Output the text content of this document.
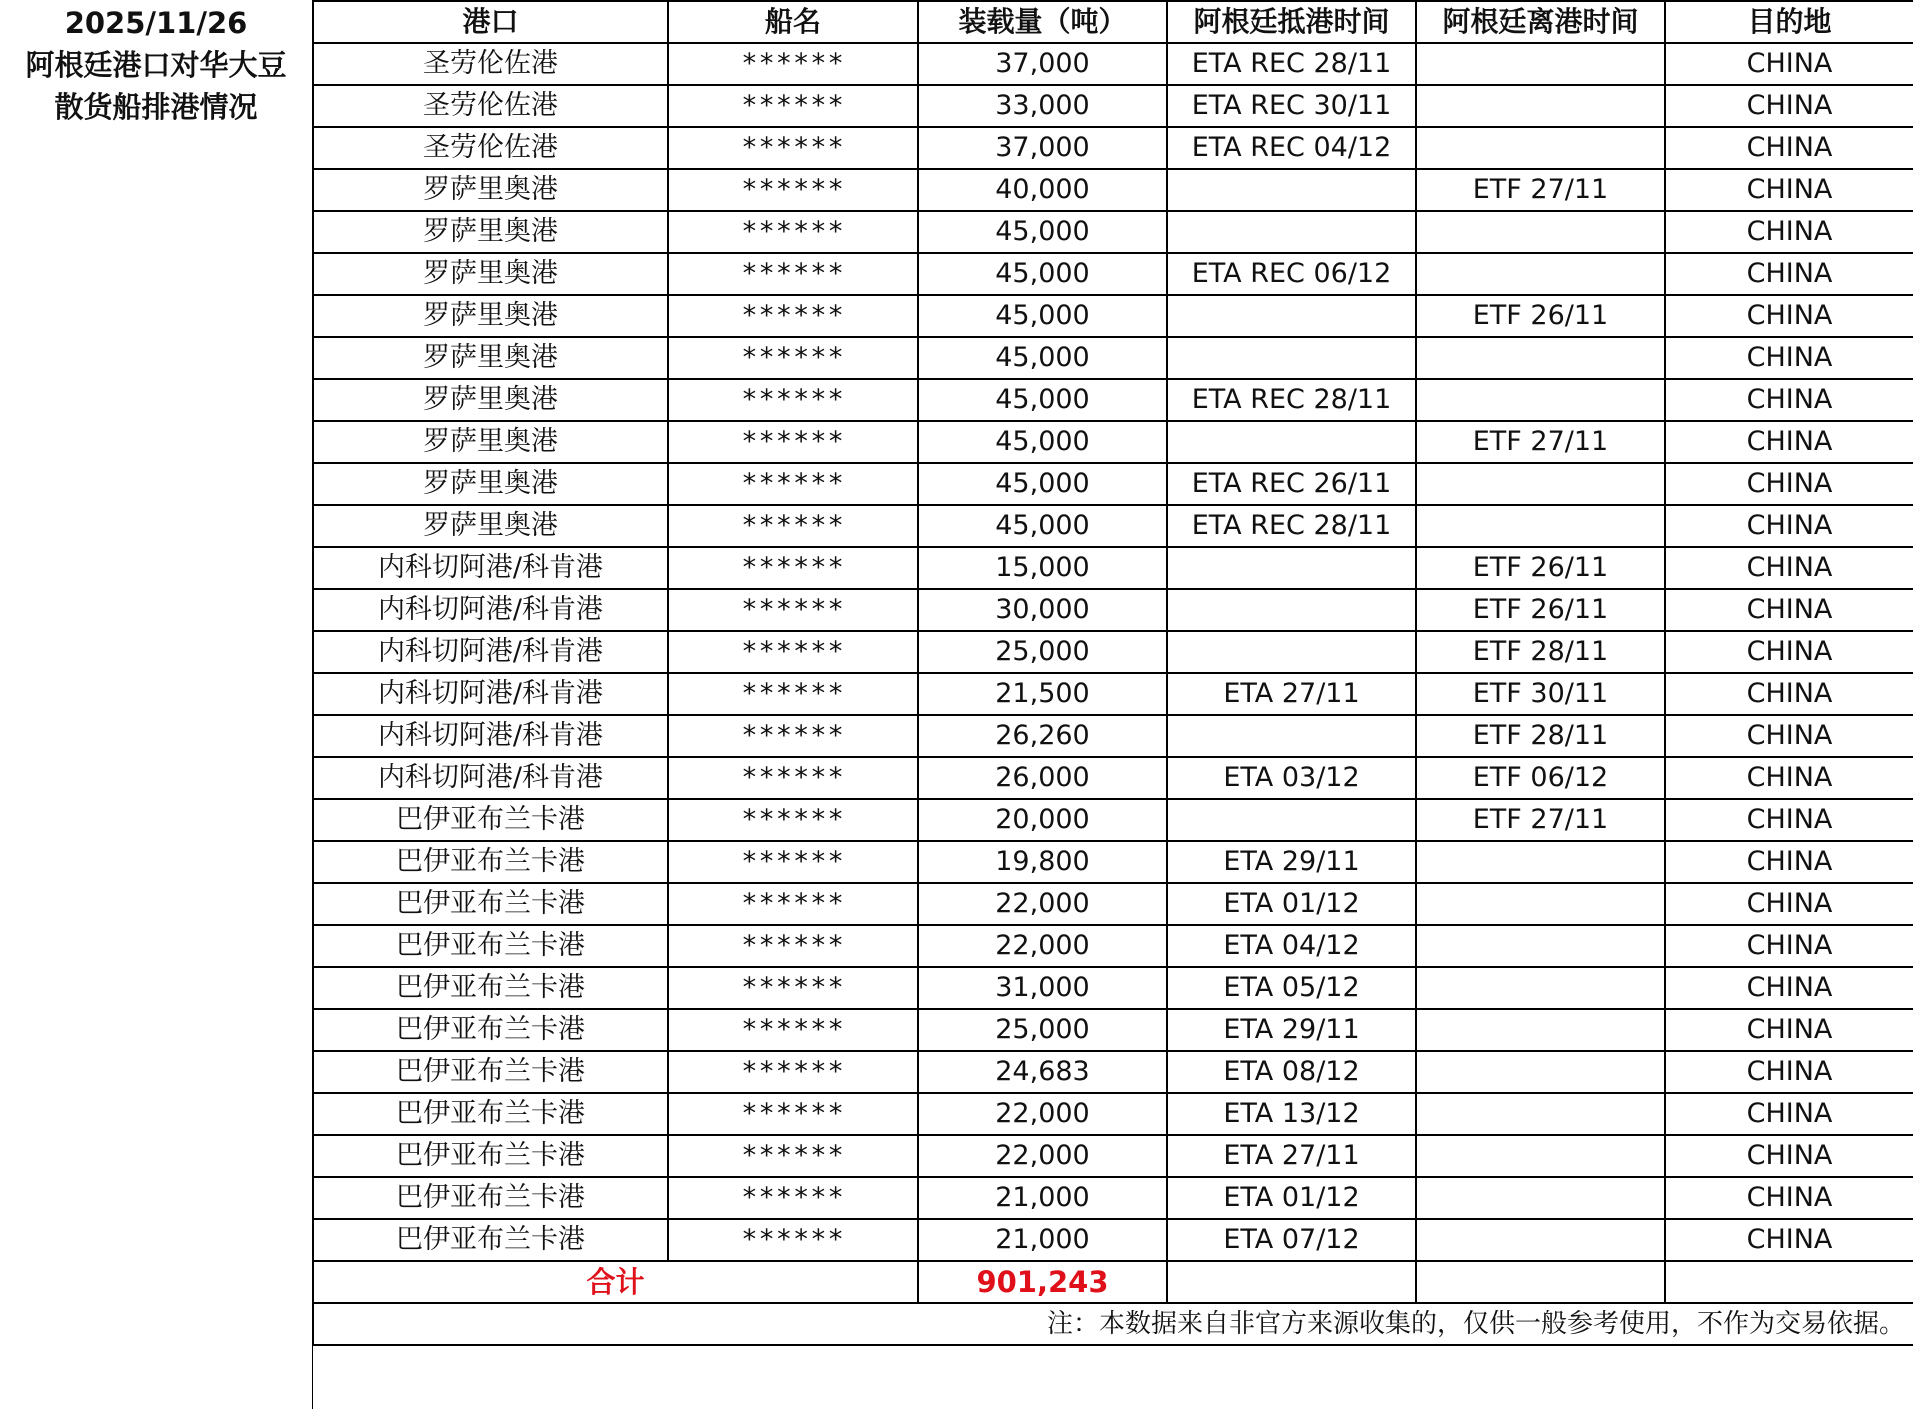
2025/11/26
阿根廷港口对华大豆
散货船排港情况
港口	船名	装载量（吨）	阿根廷抵港时间	阿根廷离港时间	目的地
圣劳伦佐港	******	37,000	ETA REC 28/11		CHINA
圣劳伦佐港	******	33,000	ETA REC 30/11		CHINA
圣劳伦佐港	******	37,000	ETA REC 04/12		CHINA
罗萨里奥港	******	40,000		ETF 27/11	CHINA
罗萨里奥港	******	45,000			CHINA
罗萨里奥港	******	45,000	ETA REC 06/12		CHINA
罗萨里奥港	******	45,000		ETF 26/11	CHINA
罗萨里奥港	******	45,000			CHINA
罗萨里奥港	******	45,000	ETA REC 28/11		CHINA
罗萨里奥港	******	45,000		ETF 27/11	CHINA
罗萨里奥港	******	45,000	ETA REC 26/11		CHINA
罗萨里奥港	******	45,000	ETA REC 28/11		CHINA
内科切阿港/科肯港	******	15,000		ETF 26/11	CHINA
内科切阿港/科肯港	******	30,000		ETF 26/11	CHINA
内科切阿港/科肯港	******	25,000		ETF 28/11	CHINA
内科切阿港/科肯港	******	21,500	ETA 27/11	ETF 30/11	CHINA
内科切阿港/科肯港	******	26,260		ETF 28/11	CHINA
内科切阿港/科肯港	******	26,000	ETA 03/12	ETF 06/12	CHINA
巴伊亚布兰卡港	******	20,000		ETF 27/11	CHINA
巴伊亚布兰卡港	******	19,800	ETA 29/11		CHINA
巴伊亚布兰卡港	******	22,000	ETA 01/12		CHINA
巴伊亚布兰卡港	******	22,000	ETA 04/12		CHINA
巴伊亚布兰卡港	******	31,000	ETA 05/12		CHINA
巴伊亚布兰卡港	******	25,000	ETA 29/11		CHINA
巴伊亚布兰卡港	******	24,683	ETA 08/12		CHINA
巴伊亚布兰卡港	******	22,000	ETA 13/12		CHINA
巴伊亚布兰卡港	******	22,000	ETA 27/11		CHINA
巴伊亚布兰卡港	******	21,000	ETA 01/12		CHINA
巴伊亚布兰卡港	******	21,000	ETA 07/12		CHINA
合计		901,243			
注：本数据来自非官方来源收集的，仅供一般参考使用，不作为交易依据。					
